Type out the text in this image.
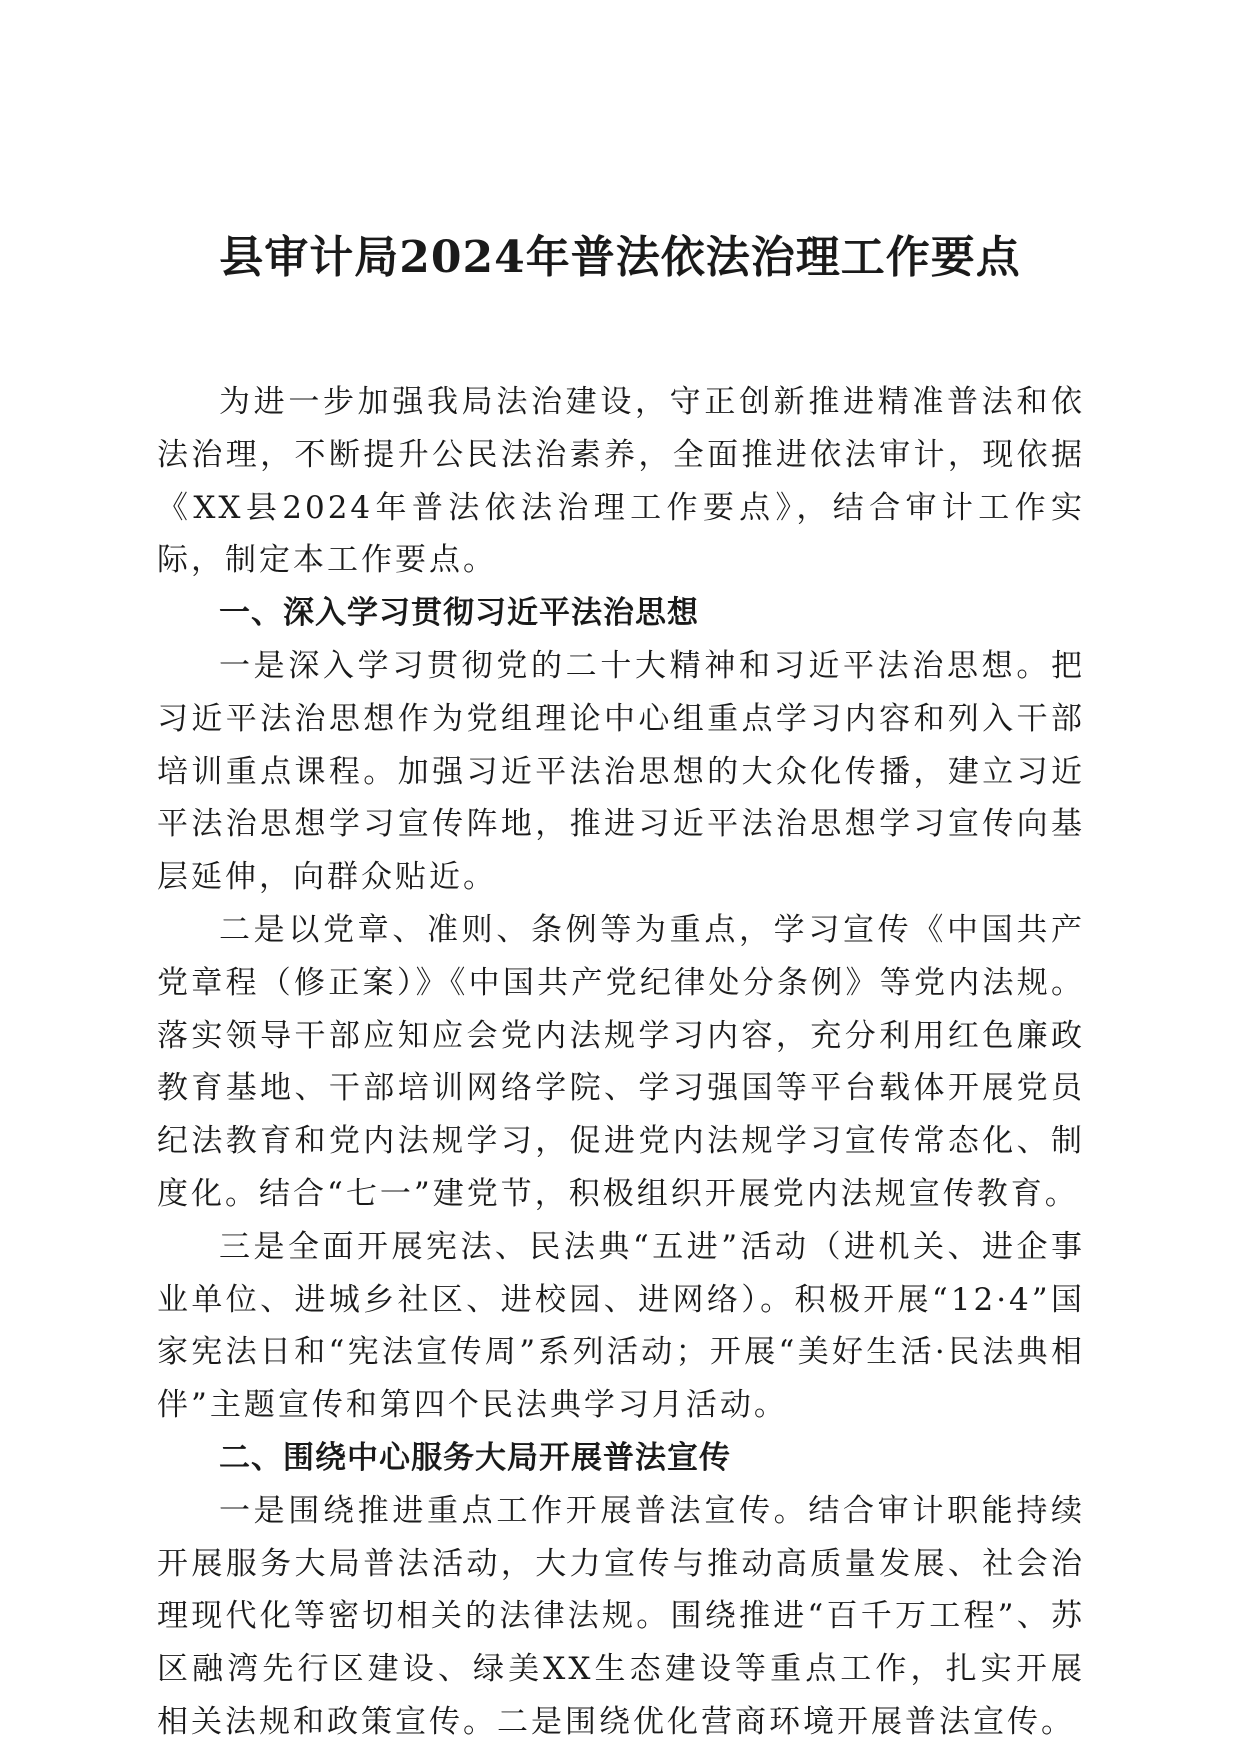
县审计局2024年普法依法治理工作要点

为进一步加强我局法治建设，守正创新推进精准普法和依法治理，不断提升公民法治素养，全面推进依法审计，现依据《XX县2024年普法依法治理工作要点》，结合审计工作实际，制定本工作要点。

一、深入学习贯彻习近平法治思想

一是深入学习贯彻党的二十大精神和习近平法治思想。把习近平法治思想作为党组理论中心组重点学习内容和列入干部培训重点课程。加强习近平法治思想的大众化传播，建立习近平法治思想学习宣传阵地，推进习近平法治思想学习宣传向基层延伸，向群众贴近。

二是以党章、准则、条例等为重点，学习宣传《中国共产党章程（修正案）》《中国共产党纪律处分条例》等党内法规。落实领导干部应知应会党内法规学习内容，充分利用红色廉政教育基地、干部培训网络学院、学习强国等平台载体开展党员纪法教育和党内法规学习，促进党内法规学习宣传常态化、制度化。结合“七一”建党节，积极组织开展党内法规宣传教育。

三是全面开展宪法、民法典“五进”活动（进机关、进企事业单位、进城乡社区、进校园、进网络）。积极开展“12·4”国家宪法日和“宪法宣传周”系列活动；开展“美好生活·民法典相伴”主题宣传和第四个民法典学习月活动。

二、围绕中心服务大局开展普法宣传

一是围绕推进重点工作开展普法宣传。结合审计职能持续开展服务大局普法活动，大力宣传与推动高质量发展、社会治理现代化等密切相关的法律法规。围绕推进“百千万工程”、苏区融湾先行区建设、绿美XX生态建设等重点工作，扎实开展相关法规和政策宣传。二是围绕优化营商环境开展普法宣传。
